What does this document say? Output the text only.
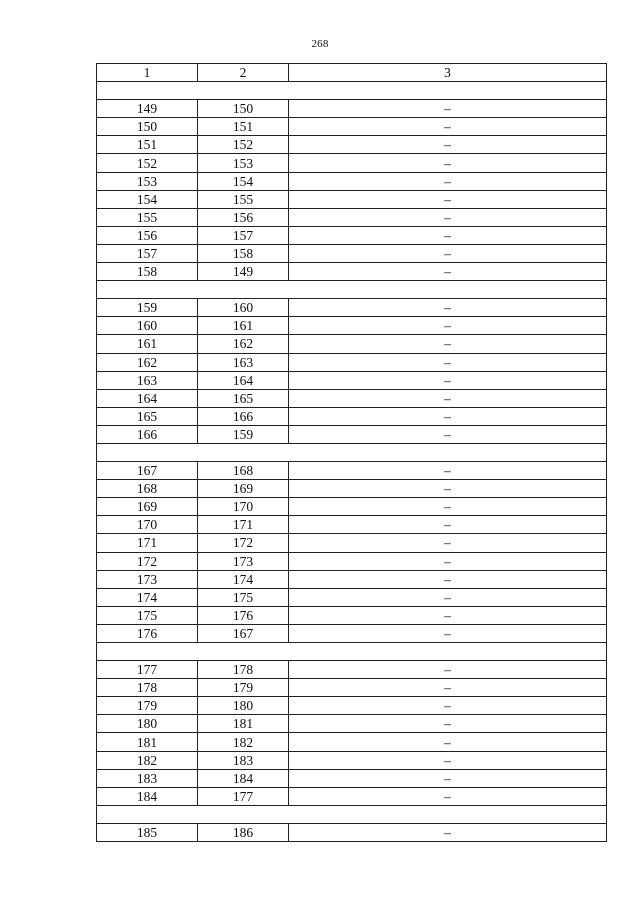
268
1	2	3

149	150	–
150	151	–
151	152	–
152	153	–
153	154	–
154	155	–
155	156	–
156	157	–
157	158	–
158	149	–

159	160	–
160	161	–
161	162	–
162	163	–
163	164	–
164	165	–
165	166	–
166	159	–

167	168	–
168	169	–
169	170	–
170	171	–
171	172	–
172	173	–
173	174	–
174	175	–
175	176	–
176	167	–

177	178	–
178	179	–
179	180	–
180	181	–
181	182	–
182	183	–
183	184	–
184	177	–

185	186	–
